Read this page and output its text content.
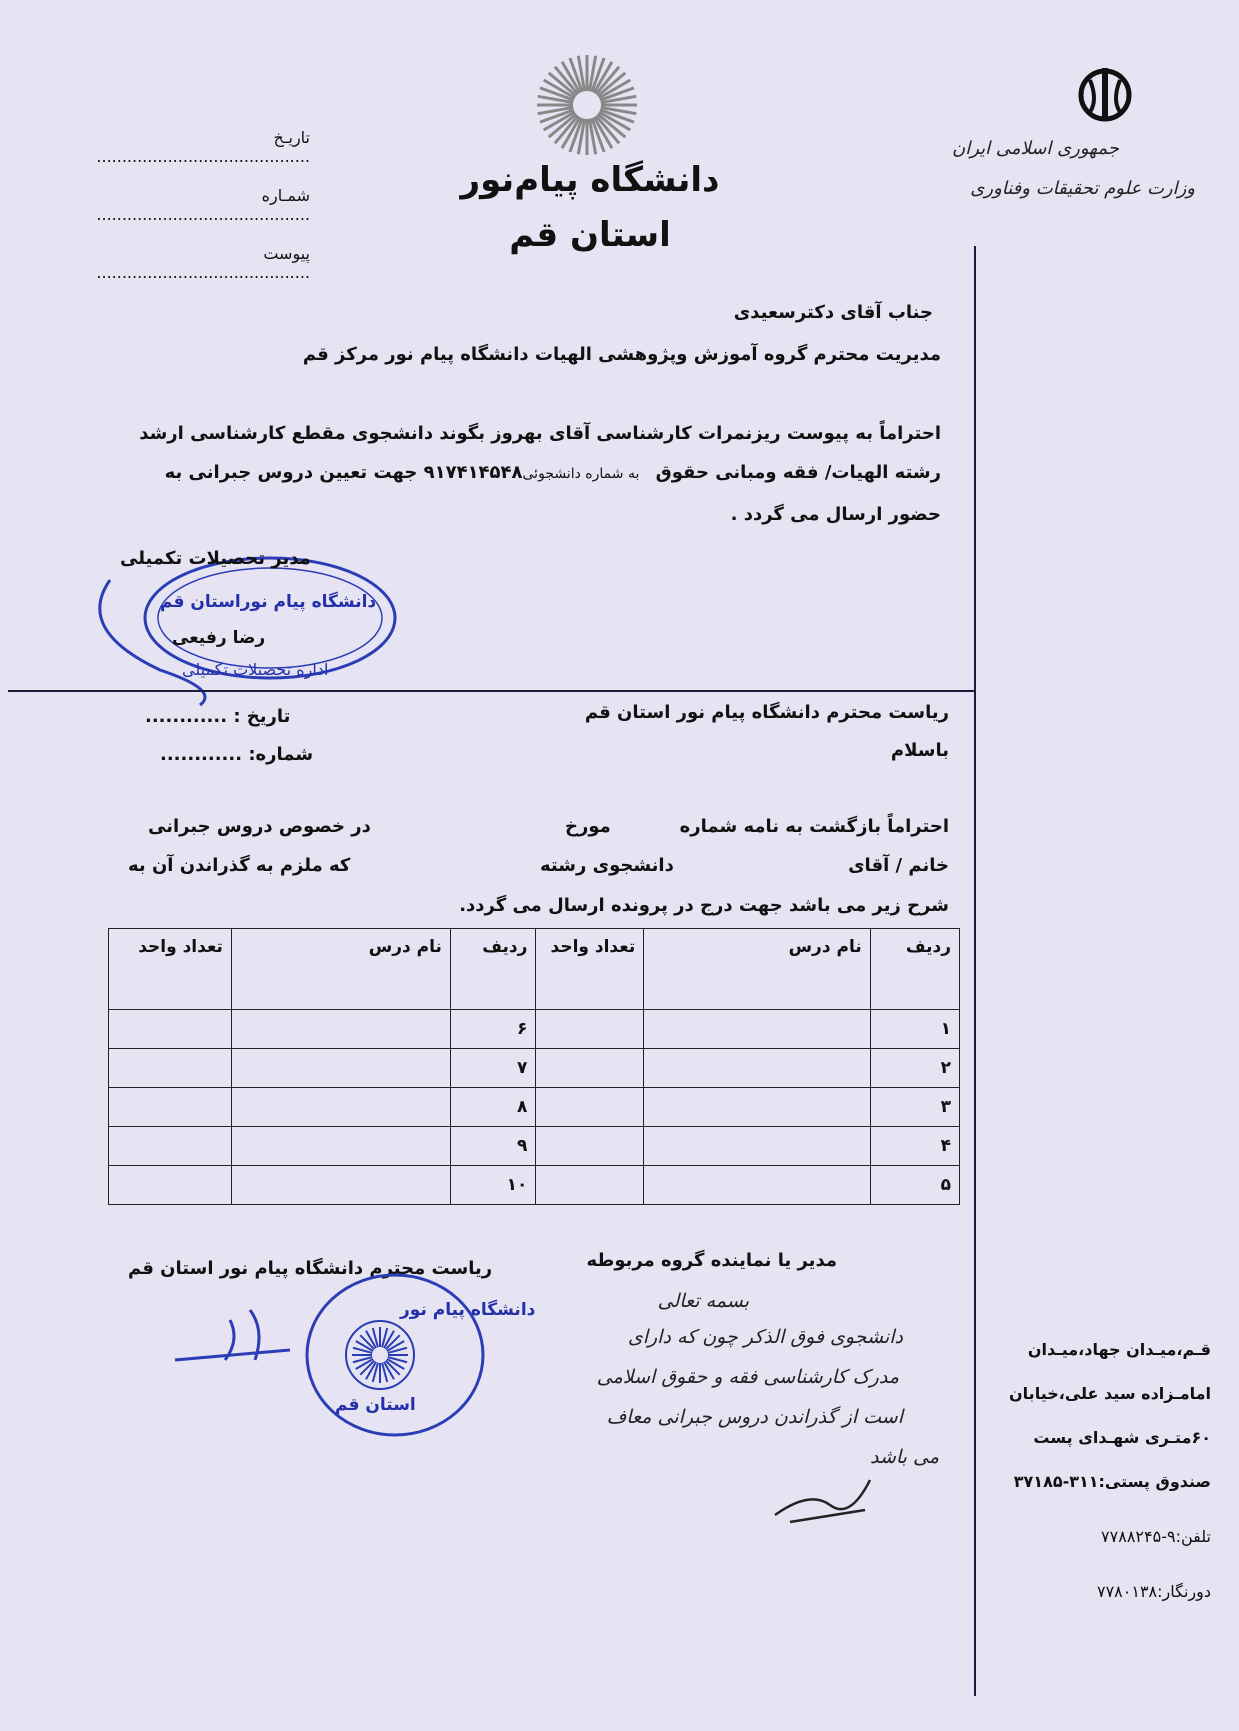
جمهوری اسلامی ایران
وزارت علوم تحقیقات وفناوری
دانشگاه پیام‌نور
استان قم
تاریـخ ..........................................
شمـاره ..........................................
پیوست ..........................................
جناب آقای دکترسعیدی
مدیریت محترم گروه آموزش وپژوهشی الهیات دانشگاه پیام نور مرکز قم
احتراماً به پیوست ریزنمرات کارشناسی آقای بهروز بگوند دانشجوی مقطع کارشناسی ارشد
رشته الهیات/ فقه ومبانی حقوق به شماره دانشجوئی۹۱۷۴۱۴۵۴۸ جهت تعیین دروس جبرانی به
حضور ارسال می گردد .
مدیر تحصیلات تکمیلی
دانشگاه پیام نوراستان قم
رضا رفیعی
اداره تحصیلات تکمیلی
ریاست محترم دانشگاه پیام نور استان قم
باسلام
تاریخ : ............
شماره: ............
احتراماً بازگشت به نامه شماره
مورخ
در خصوص دروس جبرانی
خانم / آقای
دانشجوی رشته
که ملزم به گذراندن آن به
شرح زیر می باشد جهت درج در پرونده ارسال می گردد.
ردیف	نام درس	تعداد واحد	ردیف	نام درس	تعداد واحد
۱			۶		
۲			۷		
۳			۸		
۴			۹		
۵			۱۰		
مدیر یا نماینده گروه مربوطه
ریاست محترم دانشگاه پیام نور استان قم
دانشگاه پیام نور
استان قم
بسمه تعالی
دانشجوی فوق الذکر چون که دارای
مدرک کارشناسی فقه و حقوق اسلامی
است از گذراندن دروس جبرانی معاف
می باشد
قـم،میـدان جهاد،میـدان
امامـزاده سید علی،خیابان
۶۰متـری شهـدای پست
صندوق پستی:۳۱۱-۳۷۱۸۵
تلفن:۹-۷۷۸۸۲۴۵
دورنگار:۷۷۸۰۱۳۸
